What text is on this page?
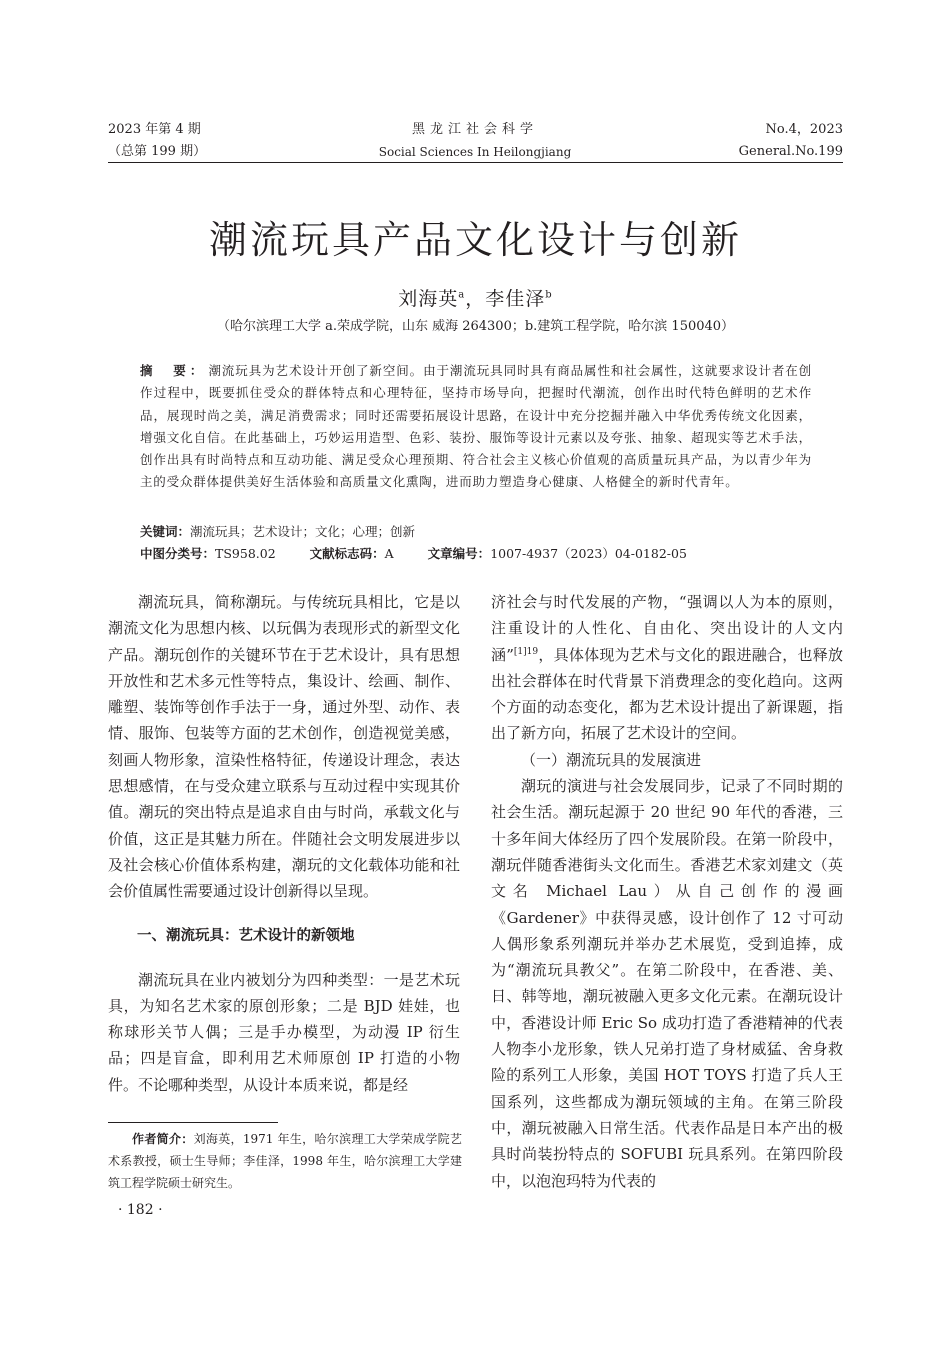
2023 年第 4 期
（总第 199 期）
黑龙江社会科学
Social Sciences In Heilongjiang
No.4，2023
General.No.199
潮流玩具产品文化设计与创新
刘海英$^a$，李佳泽$^b$
（哈尔滨理工大学 a.荣成学院，山东 威海 264300；b.建筑工程学院，哈尔滨 150040）

摘　要： 潮流玩具为艺术设计开创了新空间。由于潮流玩具同时具有商品属性和社会属性，这就要求设计者在创作过程中，既要抓住受众的群体特点和心理特征，坚持市场导向，把握时代潮流，创作出时代特色鲜明的艺术作品，展现时尚之美，满足消费需求；同时还需要拓展设计思路，在设计中充分挖掘并融入中华优秀传统文化因素，增强文化自信。在此基础上，巧妙运用造型、色彩、装扮、服饰等设计元素以及夸张、抽象、超现实等艺术手法，创作出具有时尚特点和互动功能、满足受众心理预期、符合社会主义核心价值观的高质量玩具产品，为以青少年为主的受众群体提供美好生活体验和高质量文化熏陶，进而助力塑造身心健康、人格健全的新时代青年。

关键词：潮流玩具；艺术设计；文化；心理；创新
中图分类号：TS958.02	文献标志码：A	文章编号：1007-4937（2023）04-0182-05

潮流玩具，简称潮玩。与传统玩具相比，它是以潮流文化为思想内核、以玩偶为表现形式的新型文化产品。潮玩创作的关键环节在于艺术设计，具有思想开放性和艺术多元性等特点，集设计、绘画、制作、雕塑、装饰等创作手法于一身，通过外型、动作、表情、服饰、包装等方面的艺术创作，创造视觉美感，刻画人物形象，渲染性格特征，传递设计理念，表达思想感情，在与受众建立联系与互动过程中实现其价值。潮玩的突出特点是追求自由与时尚，承载文化与价值，这正是其魅力所在。伴随社会文明发展进步以及社会核心价值体系构建，潮玩的文化载体功能和社会价值属性需要通过设计创新得以呈现。

一、潮流玩具：艺术设计的新领地

潮流玩具在业内被划分为四种类型：一是艺术玩具，为知名艺术家的原创形象；二是 BJD 娃娃，也称球形关节人偶；三是手办模型，为动漫 IP 衍生品；四是盲盒，即利用艺术师原创 IP 打造的小物件。不论哪种类型，从设计本质来说，都是经

济社会与时代发展的产物，“强调以人为本的原则，注重设计的人性化、自由化、突出设计的人文内涵”$^{[1]19}$，具体体现为艺术与文化的跟进融合，也释放出社会群体在时代背景下消费理念的变化趋向。这两个方面的动态变化，都为艺术设计提出了新课题，指出了新方向，拓展了艺术设计的空间。

（一）潮流玩具的发展演进

潮玩的演进与社会发展同步，记录了不同时期的社会生活。潮玩起源于 20 世纪 90 年代的香港，三十多年间大体经历了四个发展阶段。在第一阶段中，潮玩伴随香港街头文化而生。香港艺术家刘建文（英文名 Michael Lau）从自己创作的漫画《Gardener》中获得灵感，设计创作了 12 寸可动人偶形象系列潮玩并举办艺术展览，受到追捧，成为“潮流玩具教父”。在第二阶段中，在香港、美、日、韩等地，潮玩被融入更多文化元素。在潮玩设计中，香港设计师 Eric So 成功打造了香港精神的代表人物李小龙形象，铁人兄弟打造了身材威猛、舍身救险的系列工人形象，美国 HOT TOYS 打造了兵人王国系列，这些都成为潮玩领域的主角。在第三阶段中，潮玩被融入日常生活。代表作品是日本产出的极具时尚装扮特点的 SOFUBI 玩具系列。在第四阶段中，以泡泡玛特为代表的

作者简介：刘海英，1971 年生，哈尔滨理工大学荣成学院艺术系教授，硕士生导师；李佳泽，1998 年生，哈尔滨理工大学建筑工程学院硕士研究生。
· 182 ·
